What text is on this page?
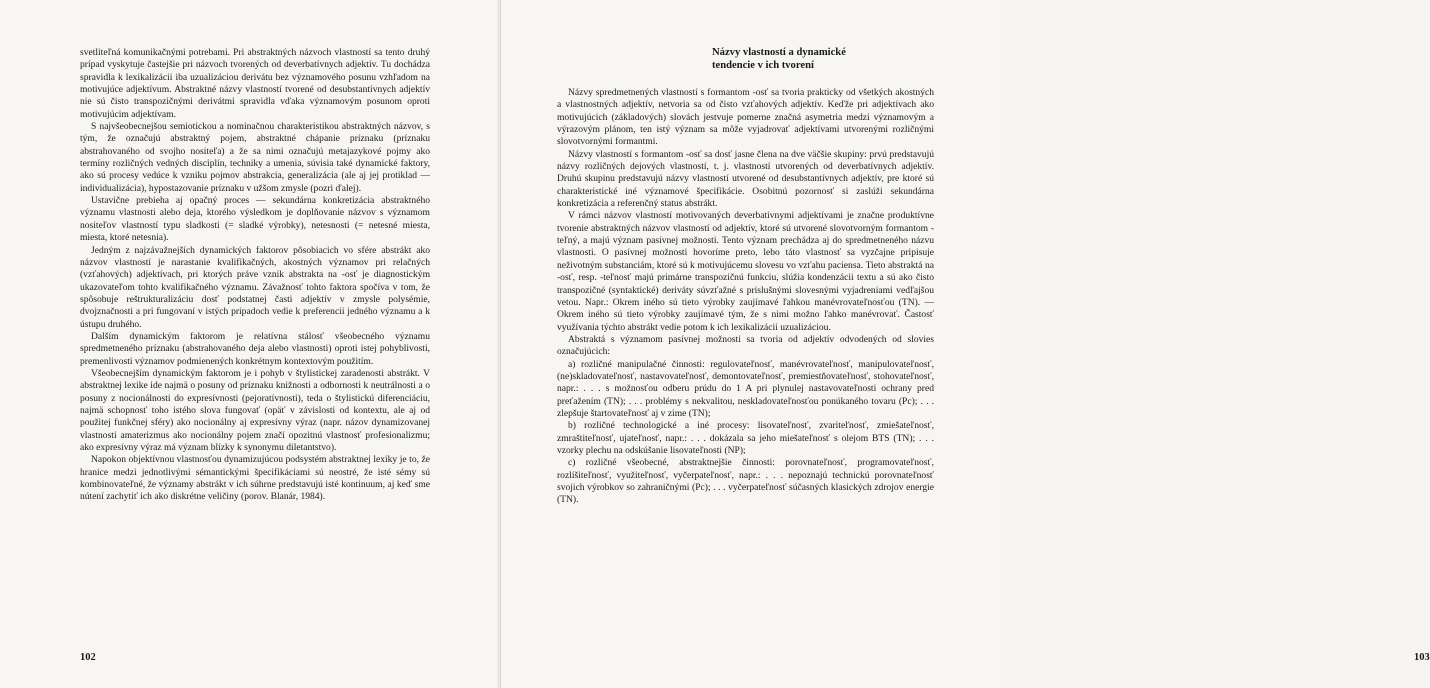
svetliteľná komunikačnými potrebami. Pri abstraktných názvoch vlastností sa tento druhý prípad vyskytuje častejšie pri názvoch tvorených od deverbatívnych adjektív. Tu dochádza spravidla k lexikalizácii iba uzualizáciou derivátu bez významového posunu vzhľadom na motivujúce adjektívum. Abstraktné názvy vlastností tvorené od desubstantívnych adjektív nie sú čisto transpozičnými derivátmi spravidla vďaka významovým posunom oproti motivujúcim adjektívam.

S najvšeobecnejšou semiotickou a nominačnou charakteristikou abstraktných názvov, s tým, že označujú abstraktný pojem, abstraktné chápanie príznaku (príznaku abstrahovaného od svojho nositeľa) a že sa nimi označujú metajazykové pojmy ako termíny rozličných vedných disciplín, techniky a umenia, súvisia také dynamické faktory, ako sú procesy vedúce k vzniku pojmov abstrakcia, generalizácia (ale aj jej protiklad — individualizácia), hypostazovanie príznaku v užšom zmysle (pozri ďalej).

Ustavične prebieha aj opačný proces — sekundárna konkretizácia abstraktného významu vlastnosti alebo deja, ktorého výsledkom je doplňovanie názvov s významom nositeľov vlastností typu sladkosti (= sladké výrobky), netesnosti (= netesné miesta, miesta, ktoré netesnia).

Jedným z najzávažnejších dynamických faktorov pôsobiacich vo sfére abstrákt ako názvov vlastností je narastanie kvalifikačných, akostných významov pri relačných (vzťahových) adjektívach, pri ktorých práve vznik abstrakta na -osť je diagnostickým ukazovateľom tohto kvalifikačného významu. Závažnosť tohto faktora spočíva v tom, že spôsobuje reštrukturalizáciu dosť podstatnej časti adjektív v zmysle polysémie, dvojznačnosti a pri fungovaní v istých prípadoch vedie k preferencii jedného významu a k ústupu druhého.

Dalším dynamickým faktorom je relatívna stálosť všeobecného významu spredmetneného príznaku (abstrahovaného deja alebo vlastnosti) oproti istej pohyblivosti, premenlivosti významov podmienených konkrétnym kontextovým použitím.

Všeobecnejším dynamickým faktorom je i pohyb v štylistickej zaradenosti abstrákt. V abstraktnej lexike ide najmä o posuny od príznaku knižnosti a odbornosti k neutrálnosti a o posuny z nocionálnosti do expresívnosti (pejoratívnosti), teda o štylistickú diferenciáciu, najmä schopnosť toho istého slova fungovať (opäť v závislosti od kontextu, ale aj od použitej funkčnej sféry) ako nocionálny aj expresívny výraz (napr. názov dynamizovanej vlastnosti amaterizmus ako nocionálny pojem značí opozitnú vlastnosť profesionalizmu; ako expresívny výraz má význam blízky k synonymu diletantstvo).

Napokon objektívnou vlastnosťou dynamizujúcou podsystém abstraktnej lexiky je to, že hranice medzi jednotlivými sémantickými špecifikáciami sú neostré, že isté sémy sú kombinovateľné, že významy abstrákt v ich súhrne predstavujú isté kontinuum, aj keď sme nútení zachytiť ich ako diskrétne veličiny (porov. Blanár, 1984).

102

Názvy spredmetnených vlastností s formantom -osť sa tvoria prakticky od všetkých akostných a vlastnostných adjektív, netvoria sa od čisto vzťahových adjektív. Keďže pri adjektívach ako motivujúcich (základových) slovách jestvuje pomerne značná asymetria medzi významovým a výrazovým plánom, ten istý význam sa môže vyjadrovať adjektívami utvorenými rozličnými slovotvornými formantmi.

Názvy vlastností s formantom -osť sa dosť jasne člena na dve väčšie skupiny: prvú predstavujú názvy rozličných dejových vlastností, t. j. vlastností utvorených od deverbatívnych adjektív. Druhú skupinu predstavujú názvy vlastností utvorené od desubstantívnych adjektív, pre ktoré sú charakteristické iné významové špecifikácie. Osobitnú pozornosť si zaslúži sekundárna konkretizácia a referenčný status abstrákt.

V rámci názvov vlastností motivovaných deverbatívnymi adjektívami je značne produktívne tvorenie abstraktných názvov vlastností od adjektív, ktoré sú utvorené slovotvorným formantom -teľný, a majú význam pasívnej možnosti. Tento význam prechádza aj do spredmetneného názvu vlastnosti. O pasívnej možnosti hovoríme preto, lebo táto vlastnosť sa vyzčajne pripisuje neživotným substanciám, ktoré sú k motivujúcemu slovesu vo vzťahu paciensa. Tieto abstraktá na -osť, resp. -teľnosť majú primárne transpozičnú funkciu, slúžia kondenzácii textu a sú ako čisto transpozičné (syntaktické) deriváty súvzťažné s prislušnými slovesnými vyjadreniami vedľajšou vetou. Napr.: Okrem iného sú tieto výrobky zaujímavé ľahkou manévrovateľnosťou (TN). — Okrem iného sú tieto výrobky zaujímavé tým, že s nimi možno ľahko manévrovať. Častosť využívania týchto abstrákt vedie potom k ich lexikalizácii uzualizáciou.

Abstraktá s významom pasívnej možnosti sa tvoria od adjektív odvodených od slovies označujúcich:

a) rozličné manipulačné činnosti: regulovateľnosť, manévrovateľnosť, manipulovateľnosť, (ne)skladovateľnosť, nastavovateľnosť, demontovateľnosť, premiestňovateľnosť, stohovateľnosť, napr.: . . . s možnosťou odberu prúdu do 1 A pri plynulej nastavovateľnosti ochrany pred preťažením (TN); . . . problémy s nekvalitou, neskladovateľnosťou ponúkaného tovaru (Pc); . . . zlepšuje štartovateľnosť aj v zime (TN);

b) rozličné technologické a iné procesy: lisovateľnosť, zvariteľnosť, zmiešateľnosť, zmraštiteľnosť, ujateľnosť, napr.: . . . dokázala sa jeho miešateľnosť s olejom BTS (TN); . . . vzorky plechu na odskúšanie lisovateľnosti (NP);

c) rozličné všeobecné, abstraktnejšie činnosti: porovnateľnosť, programovateľnosť, rozlíšiteľnosť, využiteľnosť, vyčerpateľnosť, napr.: . . . nepoznajú technickú porovnateľnosť svojich výrobkov so zahraničnými (Pc); . . . vyčerpateľnosť súčasných klasických zdrojov energie (TN).

103
Názvy vlastností a dynamické
tendencie v ich tvorení
